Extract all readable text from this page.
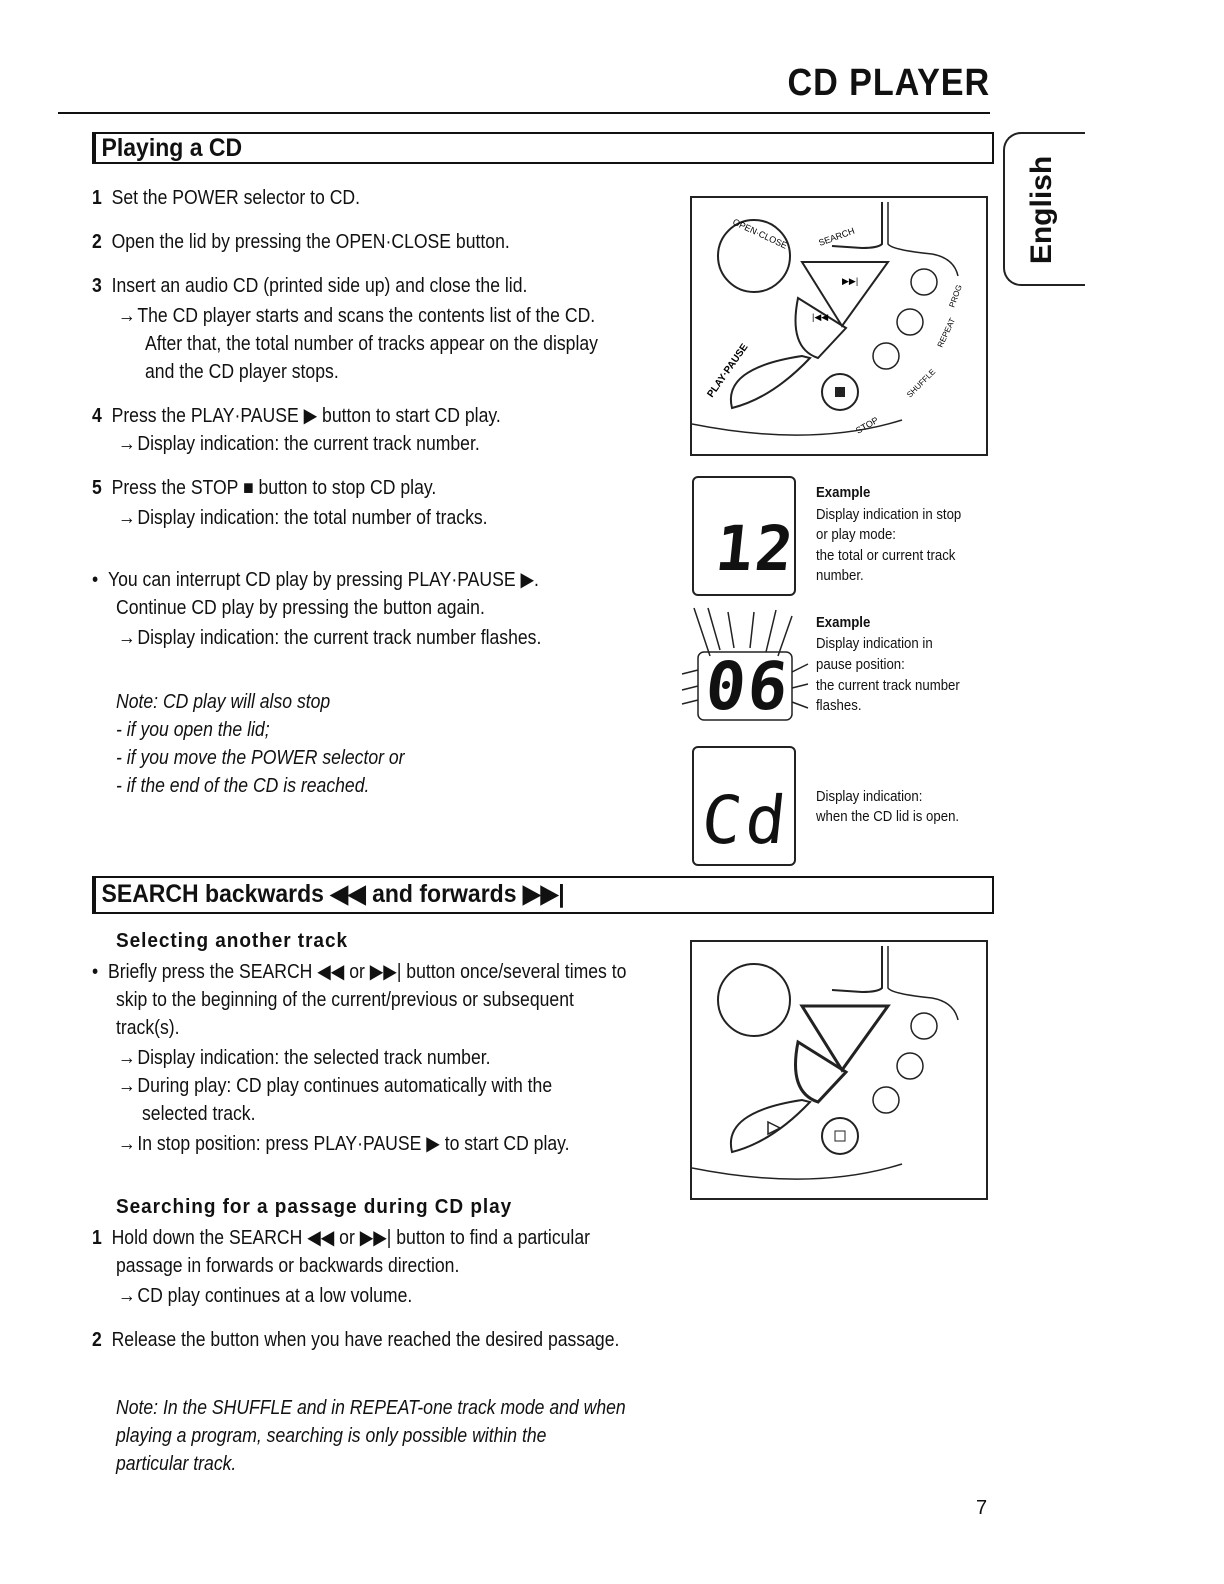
CD PLAYER
English
Playing a CD
1 Set the POWER selector to CD.
2 Open the lid by pressing the OPEN·CLOSE button.
3 Insert an audio CD (printed side up) and close the lid.
→The CD player starts and scans the contents list of the CD.
After that, the total number of tracks appear on the display
and the CD player stops.
4 Press the PLAY·PAUSE ▶ button to start CD play.
→Display indication: the current track number.
5 Press the STOP ■ button to stop CD play.
→Display indication: the total number of tracks.
• You can interrupt CD play by pressing PLAY·PAUSE ▶.
Continue CD play by pressing the button again.
→Display indication: the current track number flashes.
Note: CD play will also stop
- if you open the lid;
- if you move the POWER selector or
- if the end of the CD is reached.
OPEN·CLOSE	SEARCH
▶▶|
|◀◀
PLAY·PAUSE
STOP
PROG
REPEAT
SHUFFLE
12
Example
Display indication in stop
or play mode:
the total or current track
number.
06
Example
Display indication in
pause position:
the current track number
flashes.
Cd Display indication:
when the CD lid is open.
SEARCH backwards ◀◀ and forwards ▶▶|
Selecting another track
• Briefly press the SEARCH ◀◀ or ▶▶| button once/several times to
skip to the beginning of the current/previous or subsequent
track(s).
→Display indication: the selected track number.
→During play: CD play continues automatically with the
selected track.
→In stop position: press PLAY·PAUSE ▶ to start CD play.
Searching for a passage during CD play
1 Hold down the SEARCH ◀◀ or ▶▶| button to find a particular
passage in forwards or backwards direction.
→CD play continues at a low volume.
2 Release the button when you have reached the desired passage.
Note: In the SHUFFLE and in REPEAT-one track mode and when
playing a program, searching is only possible within the
particular track.
7
